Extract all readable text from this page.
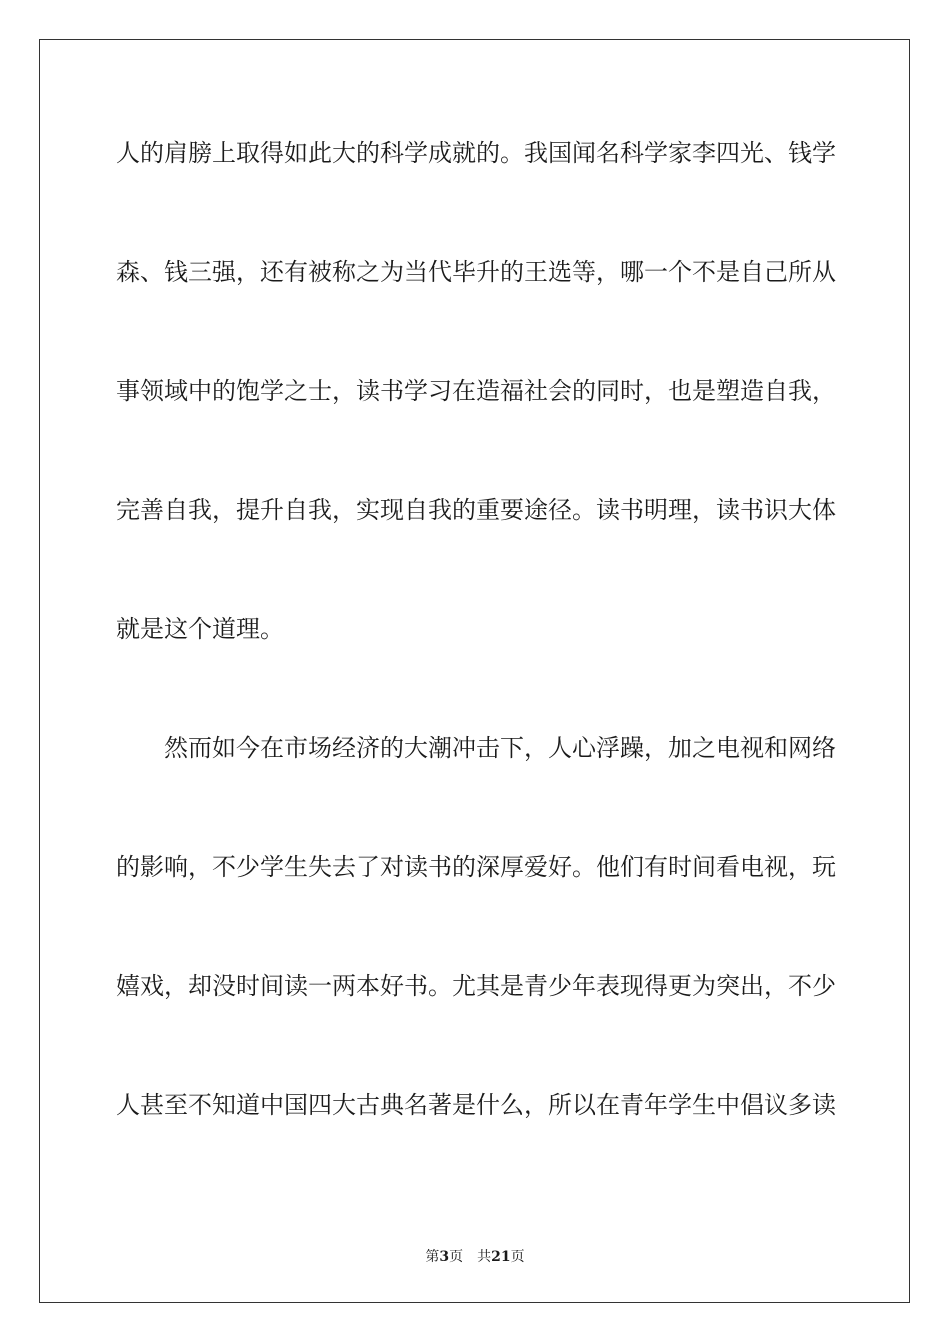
人的肩膀上取得如此大的科学成就的。我国闻名科学家李四光、钱学
森、钱三强，还有被称之为当代毕升的王选等，哪一个不是自己所从
事领域中的饱学之士，读书学习在造福社会的同时，也是塑造自我，
完善自我，提升自我，实现自我的重要途径。读书明理，读书识大体
就是这个道理。
然而如今在市场经济的大潮冲击下，人心浮躁，加之电视和网络
的影响，不少学生失去了对读书的深厚爱好。他们有时间看电视，玩
嬉戏，却没时间读一两本好书。尤其是青少年表现得更为突出，不少
人甚至不知道中国四大古典名著是什么，所以在青年学生中倡议多读
第3页 共21页
